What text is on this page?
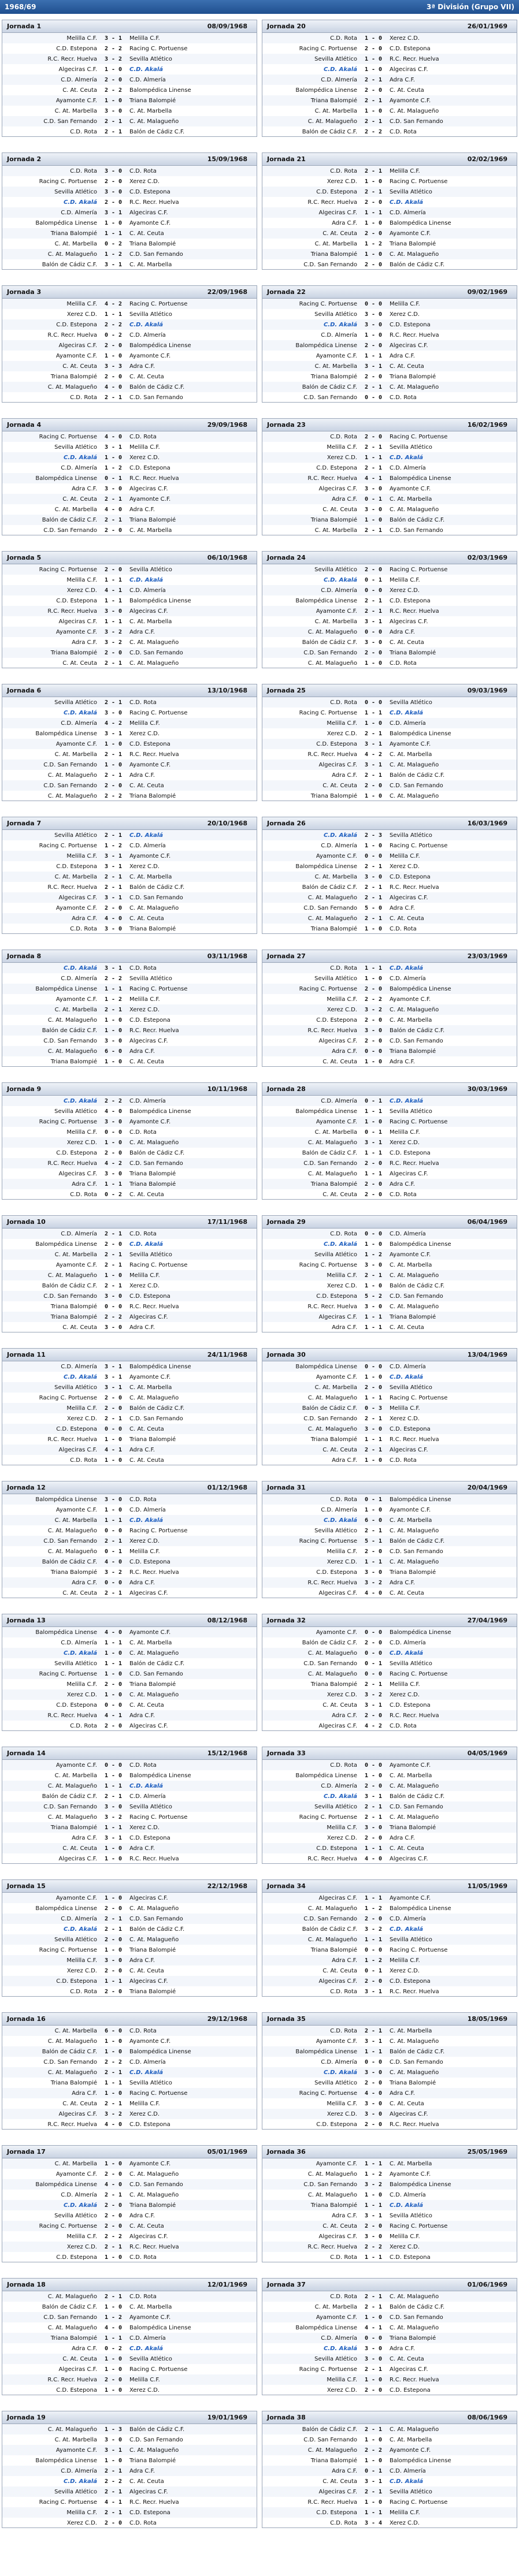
1968/69	3ª División (Grupo VII)
Jornada 1	08/09/1968
Melilla C.F.	3 - 1	Melilla C.F.
C.D. Estepona	2 - 2	Racing C. Portuense
R.C. Recr. Huelva	3 - 2	Sevilla Atlético
Algeciras C.F.	1 - 0	C.D. Akalá
C.D. Almería	2 - 0	C.D. Almería
C. At. Ceuta	2 - 2	Balompédica Linense
Ayamonte C.F.	1 - 0	Triana Balompié
C. At. Marbella	3 - 0	C. At. Marbella
C.D. San Fernando	2 - 1	C. At. Malagueño
C.D. Rota	2 - 1	Balón de Cádiz C.F.
Jornada 2	15/09/1968
C.D. Rota	3 - 0	C.D. Rota
Racing C. Portuense	2 - 0	Xerez C.D.
Sevilla Atlético	3 - 0	C.D. Estepona
C.D. Akalá	2 - 0	R.C. Recr. Huelva
C.D. Almería	3 - 1	Algeciras C.F.
Balompédica Linense	1 - 0	Ayamonte C.F.
Triana Balompié	1 - 1	C. At. Ceuta
C. At. Marbella	0 - 2	Triana Balompié
C. At. Malagueño	1 - 2	C.D. San Fernando
Balón de Cádiz C.F.	3 - 1	C. At. Marbella
Jornada 3	22/09/1968
Melilla C.F.	4 - 2	Racing C. Portuense
Xerez C.D.	1 - 1	Sevilla Atlético
C.D. Estepona	2 - 2	C.D. Akalá
R.C. Recr. Huelva	0 - 2	C.D. Almería
Algeciras C.F.	2 - 0	Balompédica Linense
Ayamonte C.F.	1 - 0	Ayamonte C.F.
C. At. Ceuta	3 - 3	Adra C.F.
Triana Balompié	2 - 0	C. At. Ceuta
C. At. Malagueño	4 - 0	Balón de Cádiz C.F.
C.D. Rota	2 - 1	C.D. San Fernando
Jornada 4	29/09/1968
Racing C. Portuense	4 - 0	C.D. Rota
Sevilla Atlético	3 - 1	Melilla C.F.
C.D. Akalá	1 - 0	Xerez C.D.
C.D. Almería	1 - 2	C.D. Estepona
Balompédica Linense	0 - 1	R.C. Recr. Huelva
Adra C.F.	3 - 0	Algeciras C.F.
C. At. Ceuta	2 - 1	Ayamonte C.F.
C. At. Marbella	4 - 0	Adra C.F.
Balón de Cádiz C.F.	2 - 1	Triana Balompié
C.D. San Fernando	2 - 0	C. At. Marbella
Jornada 5	06/10/1968
Racing C. Portuense	2 - 0	Sevilla Atlético
Melilla C.F.	1 - 1	C.D. Akalá
Xerez C.D.	4 - 1	C.D. Almería
C.D. Estepona	1 - 1	Balompédica Linense
R.C. Recr. Huelva	3 - 0	Algeciras C.F.
Algeciras C.F.	1 - 1	C. At. Marbella
Ayamonte C.F.	3 - 2	Adra C.F.
Adra C.F.	3 - 2	C. At. Malagueño
Triana Balompié	2 - 0	C.D. San Fernando
C. At. Ceuta	2 - 1	C. At. Malagueño
Jornada 6	13/10/1968
Sevilla Atlético	2 - 1	C.D. Rota
C.D. Akalá	3 - 0	Racing C. Portuense
C.D. Almería	4 - 2	Melilla C.F.
Balompédica Linense	3 - 1	Xerez C.D.
Ayamonte C.F.	1 - 0	C.D. Estepona
C. At. Marbella	2 - 1	R.C. Recr. Huelva
C.D. San Fernando	1 - 0	Ayamonte C.F.
C. At. Malagueño	2 - 1	Adra C.F.
C.D. San Fernando	2 - 0	C. At. Ceuta
C. At. Malagueño	2 - 2	Triana Balompié
Jornada 7	20/10/1968
Sevilla Atlético	2 - 1	C.D. Akalá
Racing C. Portuense	1 - 2	C.D. Almería
Melilla C.F.	3 - 1	Ayamonte C.F.
C.D. Estepona	3 - 1	Xerez C.D.
C. At. Marbella	2 - 1	C. At. Marbella
R.C. Recr. Huelva	2 - 1	Balón de Cádiz C.F.
Algeciras C.F.	3 - 1	C.D. San Fernando
Ayamonte C.F.	2 - 0	C. At. Malagueño
Adra C.F.	4 - 0	C. At. Ceuta
C.D. Rota	3 - 0	Triana Balompié
Jornada 8	03/11/1968
C.D. Akalá	3 - 1	C.D. Rota
C.D. Almería	2 - 2	Sevilla Atlético
Balompédica Linense	1 - 1	Racing C. Portuense
Ayamonte C.F.	1 - 2	Melilla C.F.
C. At. Marbella	2 - 1	Xerez C.D.
C. At. Malagueño	1 - 0	C.D. Estepona
Balón de Cádiz C.F.	1 - 0	R.C. Recr. Huelva
C.D. San Fernando	3 - 0	Algeciras C.F.
C. At. Malagueño	6 - 0	Adra C.F.
Triana Balompié	1 - 0	C. At. Ceuta
Jornada 9	10/11/1968
C.D. Akalá	2 - 2	C.D. Almería
Sevilla Atlético	4 - 0	Balompédica Linense
Racing C. Portuense	3 - 0	Ayamonte C.F.
Melilla C.F.	0 - 0	C.D. Rota
Xerez C.D.	1 - 0	C. At. Malagueño
C.D. Estepona	2 - 0	Balón de Cádiz C.F.
R.C. Recr. Huelva	4 - 2	C.D. San Fernando
Algeciras C.F.	3 - 0	Triana Balompié
Adra C.F.	1 - 1	Triana Balompié
C.D. Rota	0 - 2	C. At. Ceuta
Jornada 10	17/11/1968
C.D. Almería	2 - 1	C.D. Rota
Balompédica Linense	2 - 0	C.D. Akalá
C. At. Marbella	2 - 1	Sevilla Atlético
Ayamonte C.F.	2 - 1	Racing C. Portuense
C. At. Malagueño	1 - 0	Melilla C.F.
Balón de Cádiz C.F.	2 - 1	Xerez C.D.
C.D. San Fernando	3 - 0	C.D. Estepona
Triana Balompié	0 - 0	R.C. Recr. Huelva
Triana Balompié	2 - 2	Algeciras C.F.
C. At. Ceuta	3 - 0	Adra C.F.
Jornada 11	24/11/1968
C.D. Almería	3 - 1	Balompédica Linense
C.D. Akalá	3 - 1	Ayamonte C.F.
Sevilla Atlético	3 - 1	C. At. Marbella
Racing C. Portuense	2 - 0	C. At. Malagueño
Melilla C.F.	2 - 0	Balón de Cádiz C.F.
Xerez C.D.	2 - 1	C.D. San Fernando
C.D. Estepona	0 - 0	C. At. Ceuta
R.C. Recr. Huelva	1 - 0	Triana Balompié
Algeciras C.F.	4 - 1	Adra C.F.
C.D. Rota	1 - 0	C. At. Ceuta
Jornada 12	01/12/1968
Balompédica Linense	3 - 0	C.D. Rota
Ayamonte C.F.	1 - 0	C.D. Almería
C. At. Marbella	1 - 1	C.D. Akalá
C. At. Malagueño	0 - 0	Racing C. Portuense
C.D. San Fernando	2 - 1	Xerez C.D.
C. At. Malagueño	0 - 1	Melilla C.F.
Balón de Cádiz C.F.	4 - 0	C.D. Estepona
Triana Balompié	3 - 2	R.C. Recr. Huelva
Adra C.F.	0 - 0	Adra C.F.
C. At. Ceuta	2 - 1	Algeciras C.F.
Jornada 13	08/12/1968
Balompédica Linense	4 - 0	Ayamonte C.F.
C.D. Almería	1 - 1	C. At. Marbella
C.D. Akalá	1 - 0	C. At. Malagueño
Sevilla Atlético	1 - 1	Balón de Cádiz C.F.
Racing C. Portuense	1 - 0	C.D. San Fernando
Melilla C.F.	2 - 0	Triana Balompié
Xerez C.D.	1 - 0	C. At. Malagueño
C.D. Estepona	0 - 0	C. At. Ceuta
R.C. Recr. Huelva	4 - 1	Adra C.F.
C.D. Rota	2 - 0	Algeciras C.F.
Jornada 14	15/12/1968
Ayamonte C.F.	0 - 0	C.D. Rota
C. At. Marbella	1 - 0	Balompédica Linense
C. At. Malagueño	1 - 1	C.D. Akalá
Balón de Cádiz C.F.	2 - 1	C.D. Almería
C.D. San Fernando	3 - 0	Sevilla Atlético
C. At. Malagueño	3 - 2	Racing C. Portuense
Triana Balompié	1 - 1	Xerez C.D.
Adra C.F.	3 - 1	C.D. Estepona
C. At. Ceuta	1 - 0	Adra C.F.
Algeciras C.F.	1 - 0	R.C. Recr. Huelva
Jornada 15	22/12/1968
Ayamonte C.F.	1 - 0	Algeciras C.F.
Balompédica Linense	2 - 0	C. At. Malagueño
C.D. Almería	2 - 1	C.D. San Fernando
C.D. Akalá	2 - 1	Balón de Cádiz C.F.
Sevilla Atlético	2 - 0	C. At. Malagueño
Racing C. Portuense	1 - 0	Triana Balompié
Melilla C.F.	3 - 0	Adra C.F.
Xerez C.D.	2 - 0	C. At. Ceuta
C.D. Estepona	1 - 1	Algeciras C.F.
C.D. Rota	2 - 0	Triana Balompié
Jornada 16	29/12/1968
C. At. Marbella	6 - 0	C.D. Rota
C. At. Malagueño	1 - 0	Ayamonte C.F.
Balón de Cádiz C.F.	1 - 0	Balompédica Linense
C.D. San Fernando	2 - 2	C.D. Almería
C. At. Malagueño	2 - 1	C.D. Akalá
Triana Balompié	1 - 1	Sevilla Atlético
Adra C.F.	1 - 0	Racing C. Portuense
C. At. Ceuta	2 - 1	Melilla C.F.
Algeciras C.F.	3 - 2	Xerez C.D.
R.C. Recr. Huelva	4 - 0	C.D. Estepona
Jornada 17	05/01/1969
C. At. Marbella	1 - 0	Ayamonte C.F.
Ayamonte C.F.	2 - 0	C. At. Malagueño
Balompédica Linense	4 - 0	C.D. San Fernando
C.D. Almería	2 - 1	C. At. Malagueño
C.D. Akalá	2 - 0	Triana Balompié
Sevilla Atlético	2 - 0	Adra C.F.
Racing C. Portuense	2 - 0	C. At. Ceuta
Melilla C.F.	2 - 2	Algeciras C.F.
Xerez C.D.	2 - 1	R.C. Recr. Huelva
C.D. Estepona	1 - 0	C.D. Rota
Jornada 18	12/01/1969
C. At. Malagueño	2 - 1	C.D. Rota
Balón de Cádiz C.F.	1 - 0	C. At. Marbella
C.D. San Fernando	1 - 2	Ayamonte C.F.
C. At. Malagueño	4 - 0	Balompédica Linense
Triana Balompié	1 - 1	C.D. Almería
Adra C.F.	0 - 2	C.D. Akalá
C. At. Ceuta	1 - 0	Sevilla Atlético
Algeciras C.F.	1 - 0	Racing C. Portuense
R.C. Recr. Huelva	2 - 0	Melilla C.F.
C.D. Estepona	1 - 0	Xerez C.D.
Jornada 19	19/01/1969
C. At. Malagueño	1 - 3	Balón de Cádiz C.F.
C. At. Marbella	3 - 0	C.D. San Fernando
Ayamonte C.F.	3 - 1	C. At. Malagueño
Balompédica Linense	1 - 0	Triana Balompié
C.D. Almería	2 - 1	Adra C.F.
C.D. Akalá	2 - 2	C. At. Ceuta
Sevilla Atlético	2 - 1	Algeciras C.F.
Racing C. Portuense	4 - 1	R.C. Recr. Huelva
Melilla C.F.	2 - 1	C.D. Estepona
Xerez C.D.	2 - 0	C.D. Rota
Jornada 20	26/01/1969
C.D. Rota	1 - 0	Xerez C.D.
Racing C. Portuense	2 - 0	C.D. Estepona
Sevilla Atlético	1 - 0	R.C. Recr. Huelva
C.D. Akalá	1 - 0	Algeciras C.F.
C.D. Almería	2 - 1	Adra C.F.
Balompédica Linense	2 - 0	C. At. Ceuta
Triana Balompié	2 - 1	Ayamonte C.F.
C. At. Marbella	1 - 0	C. At. Malagueño
C. At. Malagueño	2 - 1	C.D. San Fernando
Balón de Cádiz C.F.	2 - 2	C.D. Rota
Jornada 21	02/02/1969
C.D. Rota	2 - 1	Melilla C.F.
Xerez C.D.	1 - 0	Racing C. Portuense
C.D. Estepona	2 - 1	Sevilla Atlético
R.C. Recr. Huelva	2 - 0	C.D. Akalá
Algeciras C.F.	1 - 1	C.D. Almería
Adra C.F.	1 - 0	Balompédica Linense
C. At. Ceuta	2 - 0	Ayamonte C.F.
C. At. Marbella	1 - 2	Triana Balompié
Triana Balompié	1 - 0	C. At. Malagueño
C.D. San Fernando	2 - 0	Balón de Cádiz C.F.
Jornada 22	09/02/1969
Racing C. Portuense	0 - 0	Melilla C.F.
Sevilla Atlético	3 - 0	Xerez C.D.
C.D. Akalá	3 - 0	C.D. Estepona
C.D. Almería	1 - 0	R.C. Recr. Huelva
Balompédica Linense	2 - 0	Algeciras C.F.
Ayamonte C.F.	1 - 1	Adra C.F.
C. At. Marbella	3 - 1	C. At. Ceuta
Triana Balompié	2 - 0	Triana Balompié
Balón de Cádiz C.F.	2 - 1	C. At. Malagueño
C.D. San Fernando	0 - 0	C.D. Rota
Jornada 23	16/02/1969
C.D. Rota	2 - 0	Racing C. Portuense
Melilla C.F.	2 - 1	Sevilla Atlético
Xerez C.D.	1 - 1	C.D. Akalá
C.D. Estepona	2 - 1	C.D. Almería
R.C. Recr. Huelva	4 - 1	Balompédica Linense
Algeciras C.F.	3 - 0	Ayamonte C.F.
Adra C.F.	0 - 1	C. At. Marbella
C. At. Ceuta	3 - 0	C. At. Malagueño
Triana Balompié	1 - 0	Balón de Cádiz C.F.
C. At. Marbella	2 - 1	C.D. San Fernando
Jornada 24	02/03/1969
Sevilla Atlético	2 - 0	Racing C. Portuense
C.D. Akalá	0 - 1	Melilla C.F.
C.D. Almería	0 - 0	Xerez C.D.
Balompédica Linense	2 - 1	C.D. Estepona
Ayamonte C.F.	2 - 1	R.C. Recr. Huelva
C. At. Marbella	3 - 1	Algeciras C.F.
C. At. Malagueño	0 - 0	Adra C.F.
Balón de Cádiz C.F.	3 - 0	C. At. Ceuta
C.D. San Fernando	2 - 0	Triana Balompié
C. At. Malagueño	1 - 0	C.D. Rota
Jornada 25	09/03/1969
C.D. Rota	0 - 0	Sevilla Atlético
Racing C. Portuense	1 - 1	C.D. Akalá
Melilla C.F.	1 - 0	C.D. Almería
Xerez C.D.	2 - 1	Balompédica Linense
C.D. Estepona	3 - 1	Ayamonte C.F.
R.C. Recr. Huelva	4 - 2	C. At. Marbella
Algeciras C.F.	3 - 1	C. At. Malagueño
Adra C.F.	2 - 1	Balón de Cádiz C.F.
C. At. Ceuta	2 - 0	C.D. San Fernando
Triana Balompié	1 - 0	C. At. Malagueño
Jornada 26	16/03/1969
C.D. Akalá	2 - 3	Sevilla Atlético
C.D. Almería	1 - 0	Racing C. Portuense
Ayamonte C.F.	0 - 0	Melilla C.F.
Balompédica Linense	2 - 1	Xerez C.D.
C. At. Marbella	3 - 0	C.D. Estepona
Balón de Cádiz C.F.	2 - 1	R.C. Recr. Huelva
C. At. Malagueño	2 - 1	Algeciras C.F.
C.D. San Fernando	5 - 0	Adra C.F.
C. At. Malagueño	2 - 1	C. At. Ceuta
Triana Balompié	1 - 0	C.D. Rota
Jornada 27	23/03/1969
C.D. Rota	1 - 1	C.D. Akalá
Sevilla Atlético	1 - 0	C.D. Almería
Racing C. Portuense	2 - 0	Balompédica Linense
Melilla C.F.	2 - 2	Ayamonte C.F.
Xerez C.D.	3 - 2	C. At. Malagueño
C.D. Estepona	2 - 0	C. At. Marbella
R.C. Recr. Huelva	3 - 0	Balón de Cádiz C.F.
Algeciras C.F.	2 - 0	C.D. San Fernando
Adra C.F.	0 - 0	Triana Balompié
C. At. Ceuta	1 - 0	Adra C.F.
Jornada 28	30/03/1969
C.D. Almería	0 - 1	C.D. Akalá
Balompédica Linense	1 - 1	Sevilla Atlético
Ayamonte C.F.	1 - 0	Racing C. Portuense
C. At. Marbella	0 - 1	Melilla C.F.
C. At. Malagueño	3 - 1	Xerez C.D.
Balón de Cádiz C.F.	1 - 1	C.D. Estepona
C.D. San Fernando	2 - 0	R.C. Recr. Huelva
C. At. Malagueño	1 - 1	Algeciras C.F.
Triana Balompié	2 - 0	Adra C.F.
C. At. Ceuta	2 - 0	C.D. Rota
Jornada 29	06/04/1969
C.D. Rota	0 - 0	C.D. Almería
C.D. Akalá	1 - 0	Balompédica Linense
Sevilla Atlético	1 - 2	Ayamonte C.F.
Racing C. Portuense	3 - 0	C. At. Marbella
Melilla C.F.	2 - 1	C. At. Malagueño
Xerez C.D.	1 - 0	Balón de Cádiz C.F.
C.D. Estepona	5 - 2	C.D. San Fernando
R.C. Recr. Huelva	3 - 0	C. At. Malagueño
Algeciras C.F.	1 - 1	Triana Balompié
Adra C.F.	1 - 1	C. At. Ceuta
Jornada 30	13/04/1969
Balompédica Linense	0 - 0	C.D. Almería
Ayamonte C.F.	1 - 0	C.D. Akalá
C. At. Marbella	2 - 0	Sevilla Atlético
C. At. Malagueño	1 - 1	Racing C. Portuense
Balón de Cádiz C.F.	0 - 3	Melilla C.F.
C.D. San Fernando	2 - 1	Xerez C.D.
C. At. Malagueño	3 - 0	C.D. Estepona
Triana Balompié	1 - 1	R.C. Recr. Huelva
C. At. Ceuta	2 - 1	Algeciras C.F.
Adra C.F.	1 - 0	C.D. Rota
Jornada 31	20/04/1969
C.D. Rota	0 - 1	Balompédica Linense
C.D. Almería	1 - 0	Ayamonte C.F.
C.D. Akalá	6 - 0	C. At. Marbella
Sevilla Atlético	2 - 1	C. At. Malagueño
Racing C. Portuense	5 - 1	Balón de Cádiz C.F.
Melilla C.F.	2 - 0	C.D. San Fernando
Xerez C.D.	1 - 1	C. At. Malagueño
C.D. Estepona	3 - 0	Triana Balompié
R.C. Recr. Huelva	3 - 2	Adra C.F.
Algeciras C.F.	4 - 0	C. At. Ceuta
Jornada 32	27/04/1969
Ayamonte C.F.	0 - 0	Balompédica Linense
Balón de Cádiz C.F.	2 - 0	C.D. Almería
C. At. Malagueño	0 - 0	C.D. Akalá
C.D. San Fernando	0 - 1	Sevilla Atlético
C. At. Malagueño	0 - 0	Racing C. Portuense
Triana Balompié	2 - 1	Melilla C.F.
Xerez C.D.	3 - 2	Xerez C.D.
C. At. Ceuta	3 - 1	C.D. Estepona
Adra C.F.	2 - 0	R.C. Recr. Huelva
Algeciras C.F.	4 - 2	C.D. Rota
Jornada 33	04/05/1969
C.D. Rota	0 - 0	Ayamonte C.F.
Balompédica Linense	1 - 0	C. At. Marbella
C.D. Almería	2 - 0	C. At. Malagueño
C.D. Akalá	3 - 1	Balón de Cádiz C.F.
Sevilla Atlético	2 - 1	C.D. San Fernando
Racing C. Portuense	2 - 1	C. At. Malagueño
Melilla C.F.	3 - 0	Triana Balompié
Xerez C.D.	2 - 0	Adra C.F.
C.D. Estepona	1 - 1	C. At. Ceuta
R.C. Recr. Huelva	4 - 0	Algeciras C.F.
Jornada 34	11/05/1969
Algeciras C.F.	1 - 1	Ayamonte C.F.
C. At. Malagueño	1 - 2	Balompédica Linense
C.D. San Fernando	2 - 0	C.D. Almería
Balón de Cádiz C.F.	3 - 2	C.D. Akalá
C. At. Malagueño	1 - 1	Sevilla Atlético
Triana Balompié	0 - 0	Racing C. Portuense
Adra C.F.	1 - 2	Melilla C.F.
C. At. Ceuta	0 - 1	Xerez C.D.
Algeciras C.F.	2 - 0	C.D. Estepona
C.D. Rota	3 - 1	R.C. Recr. Huelva
Jornada 35	18/05/1969
C.D. Rota	2 - 1	C. At. Marbella
Ayamonte C.F.	3 - 1	C. At. Malagueño
Balompédica Linense	1 - 1	Balón de Cádiz C.F.
C.D. Almería	0 - 0	C.D. San Fernando
C.D. Akalá	3 - 0	C. At. Malagueño
Sevilla Atlético	2 - 0	Triana Balompié
Racing C. Portuense	4 - 0	Adra C.F.
Melilla C.F.	3 - 0	C. At. Ceuta
Xerez C.D.	3 - 0	Algeciras C.F.
C.D. Estepona	2 - 0	R.C. Recr. Huelva
Jornada 36	25/05/1969
Ayamonte C.F.	1 - 1	C. At. Marbella
C. At. Malagueño	1 - 2	Ayamonte C.F.
C.D. San Fernando	3 - 2	Balompédica Linense
C. At. Malagueño	1 - 0	C.D. Almería
Triana Balompié	1 - 1	C.D. Akalá
Adra C.F.	3 - 1	Sevilla Atlético
C. At. Ceuta	2 - 0	Racing C. Portuense
Algeciras C.F.	3 - 0	Melilla C.F.
R.C. Recr. Huelva	2 - 2	Xerez C.D.
C.D. Rota	1 - 1	C.D. Estepona
Jornada 37	01/06/1969
C.D. Rota	2 - 1	C. At. Malagueño
C. At. Marbella	2 - 1	Balón de Cádiz C.F.
Ayamonte C.F.	1 - 0	C.D. San Fernando
Balompédica Linense	4 - 1	C. At. Malagueño
C.D. Almería	0 - 0	Triana Balompié
C.D. Akalá	3 - 0	Adra C.F.
Sevilla Atlético	3 - 0	C. At. Ceuta
Racing C. Portuense	2 - 1	Algeciras C.F.
Melilla C.F.	1 - 0	R.C. Recr. Huelva
Xerez C.D.	2 - 0	C.D. Estepona
Jornada 38	08/06/1969
Balón de Cádiz C.F.	2 - 1	C. At. Malagueño
C.D. San Fernando	1 - 0	C. At. Marbella
C. At. Malagueño	2 - 2	Ayamonte C.F.
Triana Balompié	1 - 0	Balompédica Linense
Adra C.F.	0 - 1	C.D. Almería
C. At. Ceuta	3 - 1	C.D. Akalá
Algeciras C.F.	2 - 1	Sevilla Atlético
R.C. Recr. Huelva	1 - 0	Racing C. Portuense
C.D. Estepona	1 - 1	Melilla C.F.
C.D. Rota	3 - 4	Xerez C.D.
